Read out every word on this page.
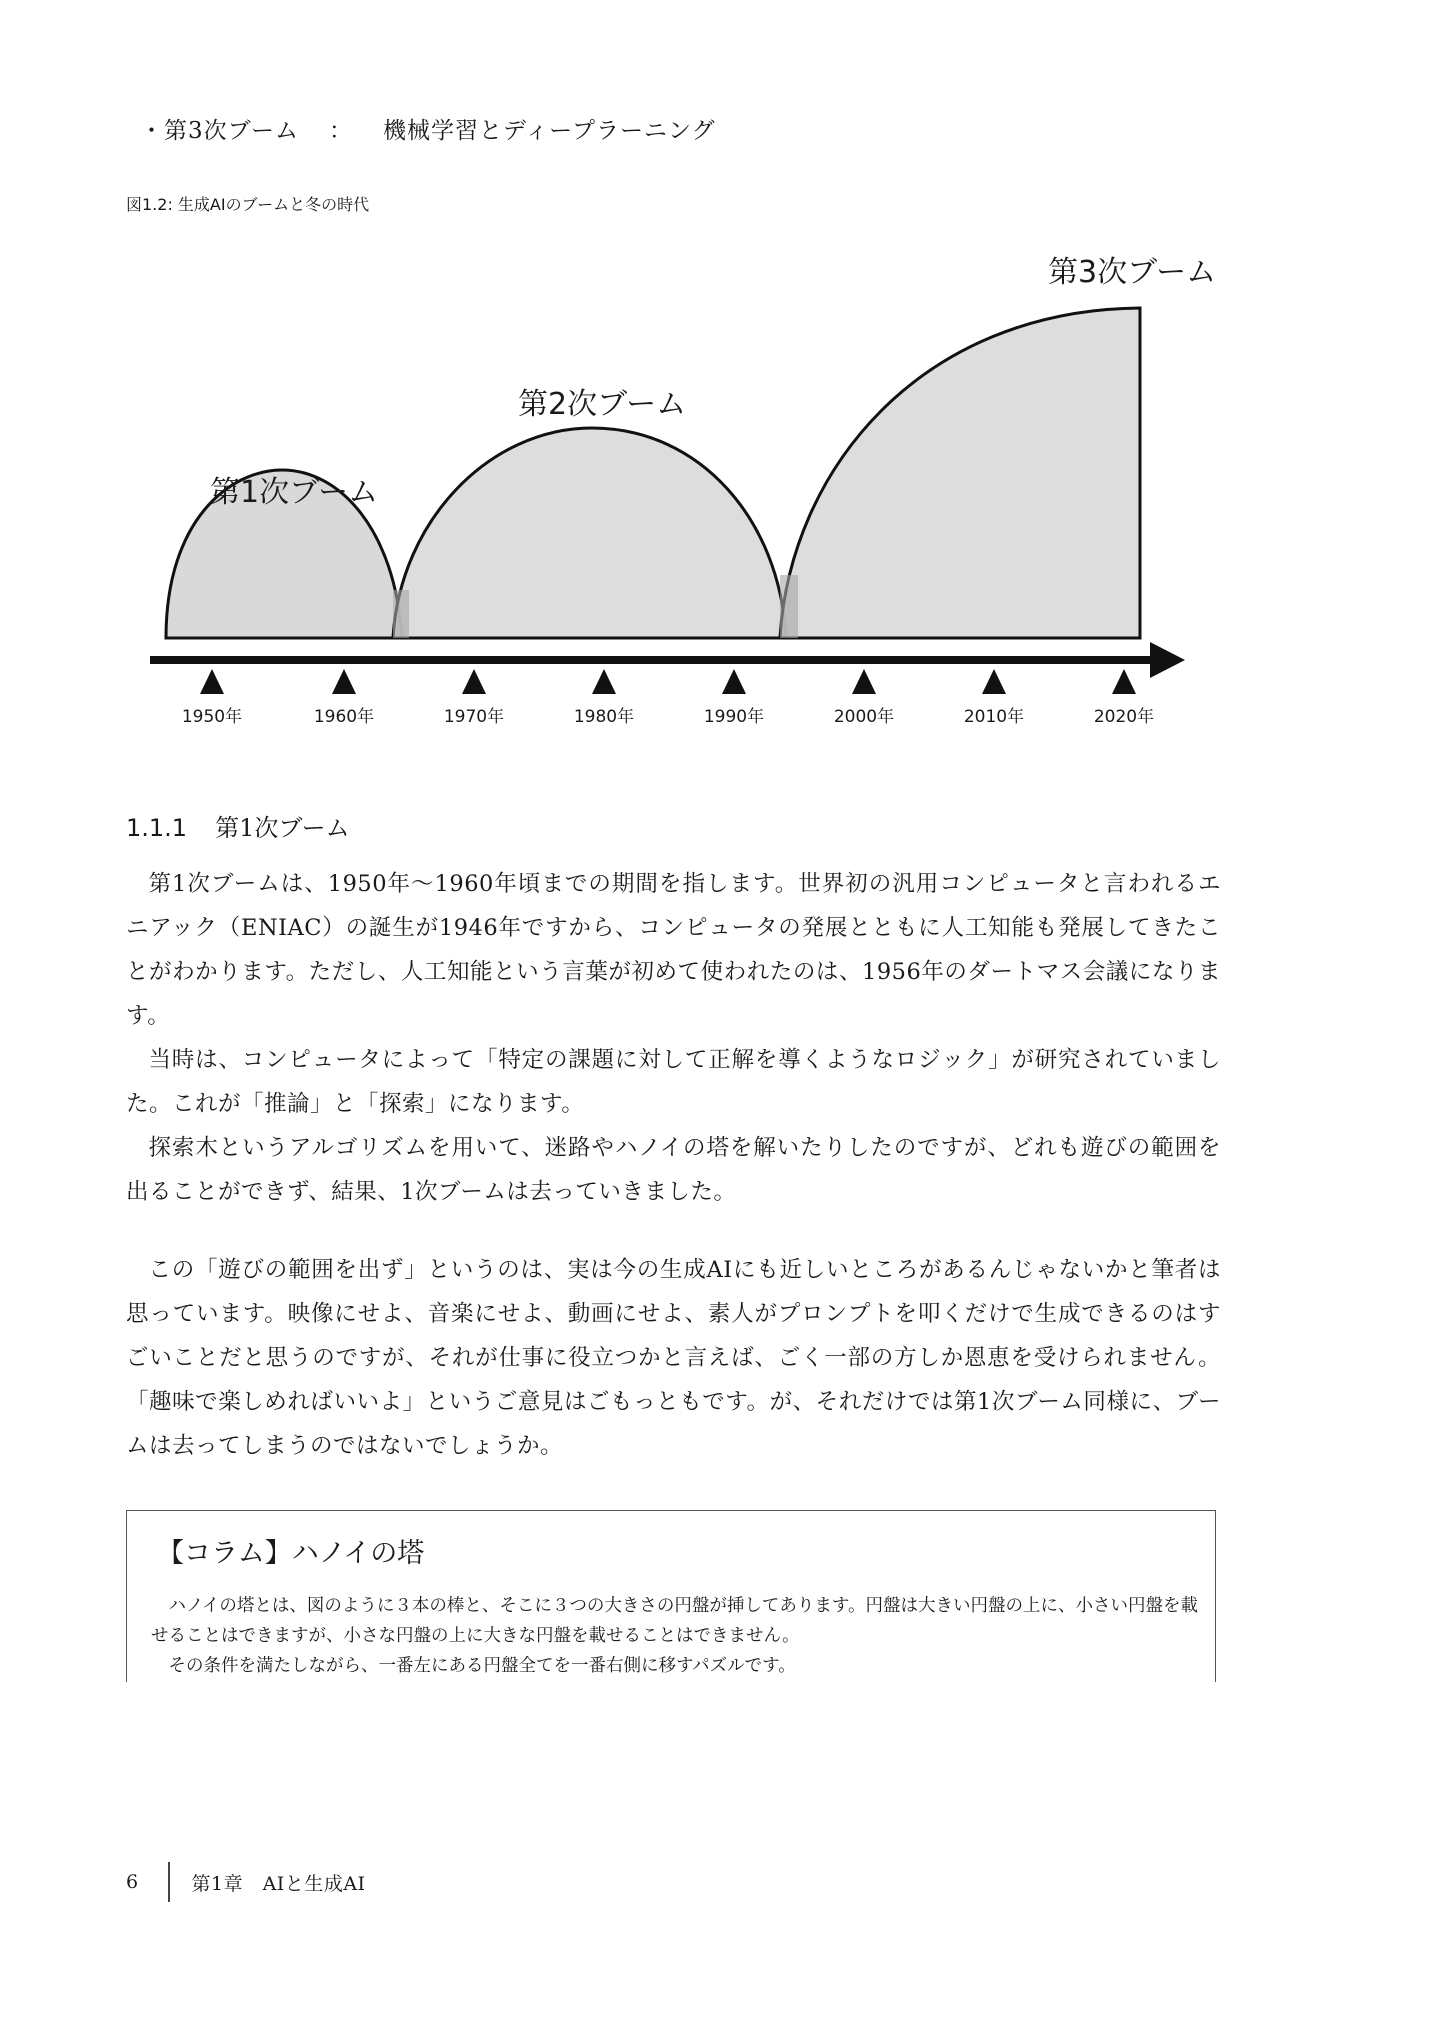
・第3次ブーム ： 機械学習とディープラーニング
図1.2: 生成AIのブームと冬の時代
1950年	1960年	1970年	1980年	1990年	2000年	2010年	2020年
第1次ブーム
第2次ブーム
第3次ブーム
1.1.1 第1次ブーム

第1次ブームは、1950年〜1960年頃までの期間を指します。世界初の汎用コンピュータと言われるエニアック（ENIAC）の誕生が1946年ですから、コンピュータの発展とともに人工知能も発展してきたことがわかります。ただし、人工知能という言葉が初めて使われたのは、1956年のダートマス会議になります。

当時は、コンピュータによって「特定の課題に対して正解を導くようなロジック」が研究されていました。これが「推論」と「探索」になります。

探索木というアルゴリズムを用いて、迷路やハノイの塔を解いたりしたのですが、どれも遊びの範囲を出ることができず、結果、1次ブームは去っていきました。

この「遊びの範囲を出ず」というのは、実は今の生成AIにも近しいところがあるんじゃないかと筆者は思っています。映像にせよ、音楽にせよ、動画にせよ、素人がプロンプトを叩くだけで生成できるのはすごいことだと思うのですが、それが仕事に役立つかと言えば、ごく一部の方しか恩恵を受けられません。「趣味で楽しめればいいよ」というご意見はごもっともです。が、それだけでは第1次ブーム同様に、ブームは去ってしまうのではないでしょうか。

【コラム】ハノイの塔

ハノイの塔とは、図のように３本の棒と、そこに３つの大きさの円盤が挿してあります。円盤は大きい円盤の上に、小さい円盤を載せることはできますが、小さな円盤の上に大きな円盤を載せることはできません。

その条件を満たしながら、一番左にある円盤全てを一番右側に移すパズルです。

6	第1章　AIと生成AI
